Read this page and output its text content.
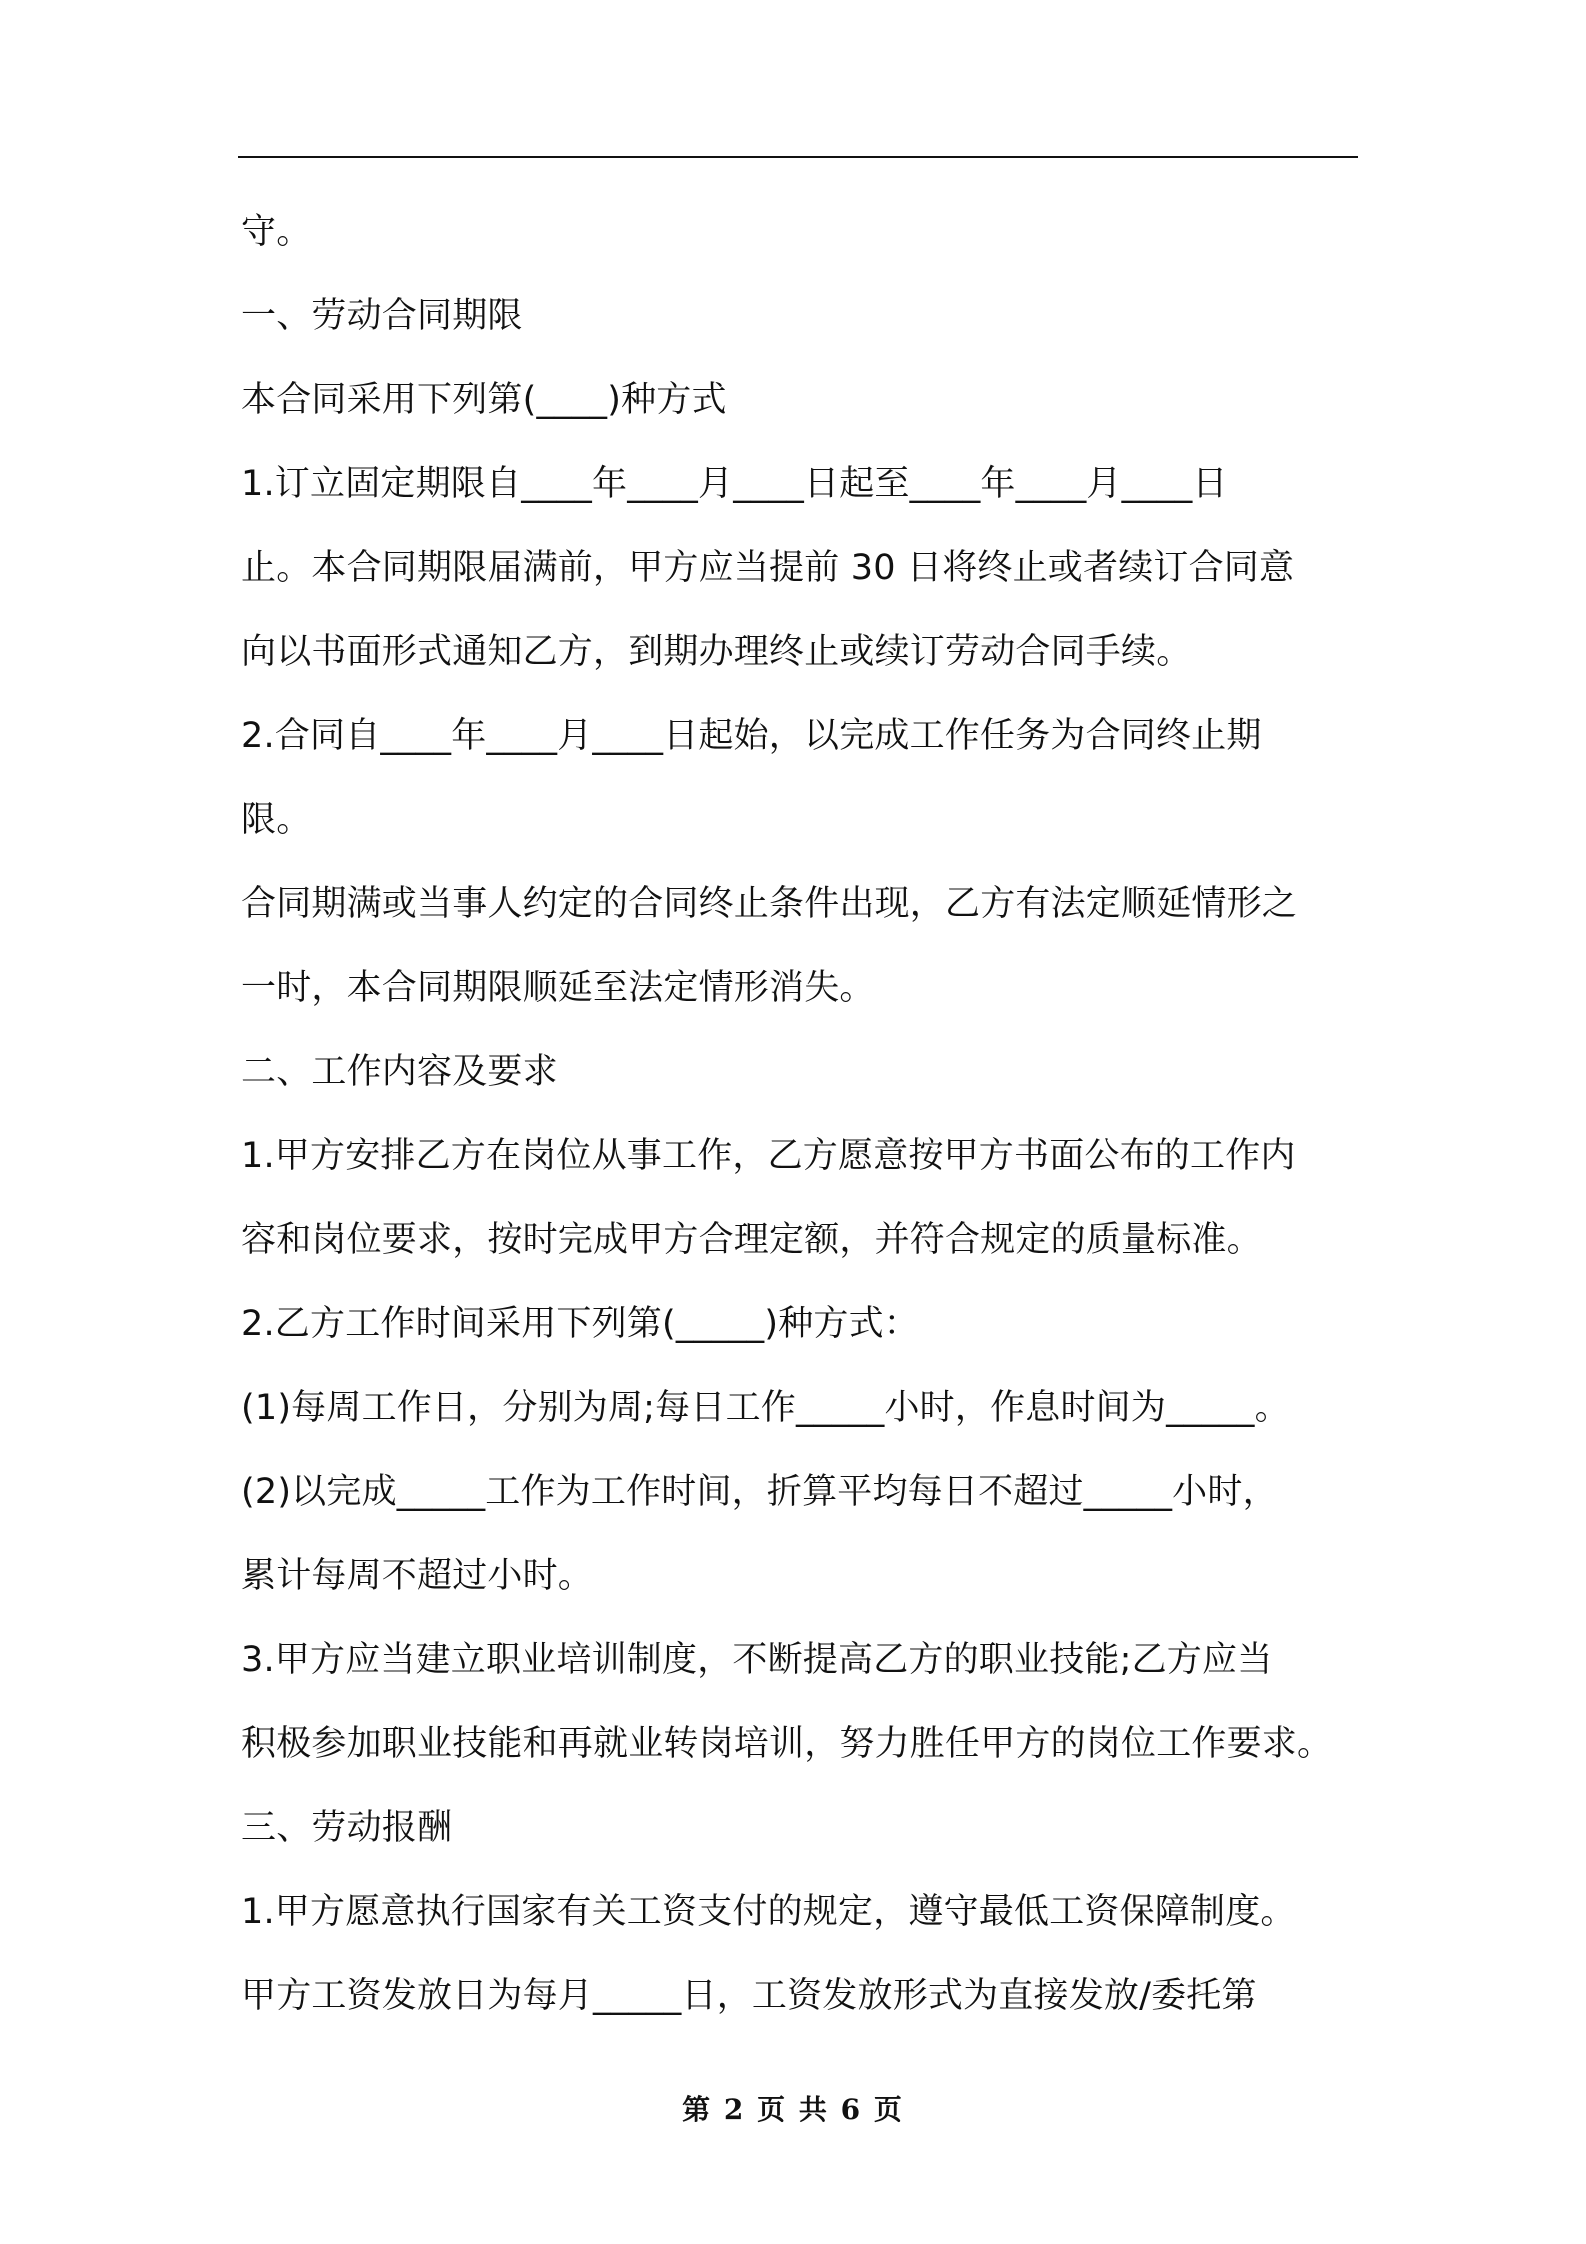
守。
一、劳动合同期限
本合同采用下列第(____)种方式
1.订立固定期限自____年____月____日起至____年____月____日
止。本合同期限届满前，甲方应当提前 30 日将终止或者续订合同意
向以书面形式通知乙方，到期办理终止或续订劳动合同手续。
2.合同自____年____月____日起始，以完成工作任务为合同终止期
限。
合同期满或当事人约定的合同终止条件出现，乙方有法定顺延情形之
一时，本合同期限顺延至法定情形消失。
二、工作内容及要求
1.甲方安排乙方在岗位从事工作，乙方愿意按甲方书面公布的工作内
容和岗位要求，按时完成甲方合理定额，并符合规定的质量标准。
2.乙方工作时间采用下列第(_____)种方式：
(1)每周工作日，分别为周;每日工作_____小时，作息时间为_____。
(2)以完成_____工作为工作时间，折算平均每日不超过_____小时，
累计每周不超过小时。
3.甲方应当建立职业培训制度，不断提高乙方的职业技能;乙方应当
积极参加职业技能和再就业转岗培训，努力胜任甲方的岗位工作要求。
三、劳动报酬
1.甲方愿意执行国家有关工资支付的规定，遵守最低工资保障制度。
甲方工资发放日为每月_____日，工资发放形式为直接发放/委托第
第 2 页 共 6 页
